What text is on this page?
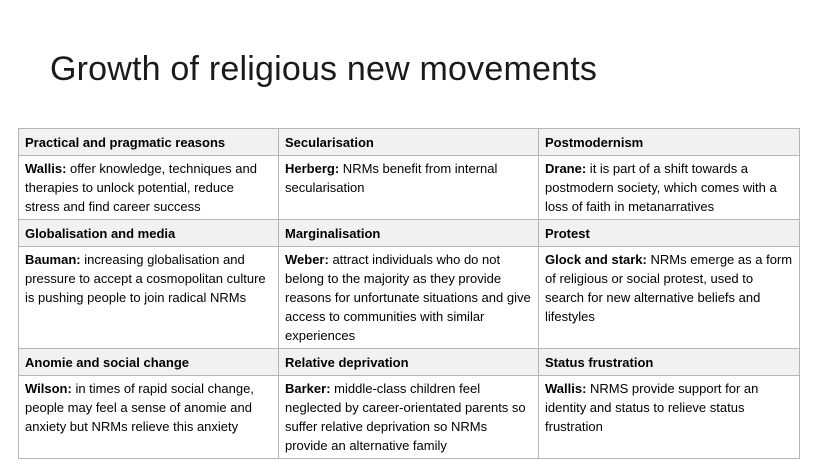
Growth of religious new movements
Practical and pragmatic reasons	Secularisation	Postmodernism
Wallis: offer knowledge, techniques and therapies to unlock potential, reduce stress and find career success	Herberg: NRMs benefit from internal secularisation	Drane: it is part of a shift towards a postmodern society, which comes with a loss of faith in metanarratives
Globalisation and media	Marginalisation	Protest
Bauman: increasing globalisation and pressure to accept a cosmopolitan culture is pushing people to join radical NRMs	Weber: attract individuals who do not belong to the majority as they provide reasons for unfortunate situations and give access to communities with similar experiences	Glock and stark: NRMs emerge as a form of religious or social protest, used to search for new alternative beliefs and lifestyles
Anomie and social change	Relative deprivation	Status frustration
Wilson: in times of rapid social change, people may feel a sense of anomie and anxiety but NRMs relieve this anxiety	Barker: middle-class children feel neglected by career-orientated parents so suffer relative deprivation so NRMs provide an alternative family	Wallis: NRMS provide support for an identity and status to relieve status frustration
